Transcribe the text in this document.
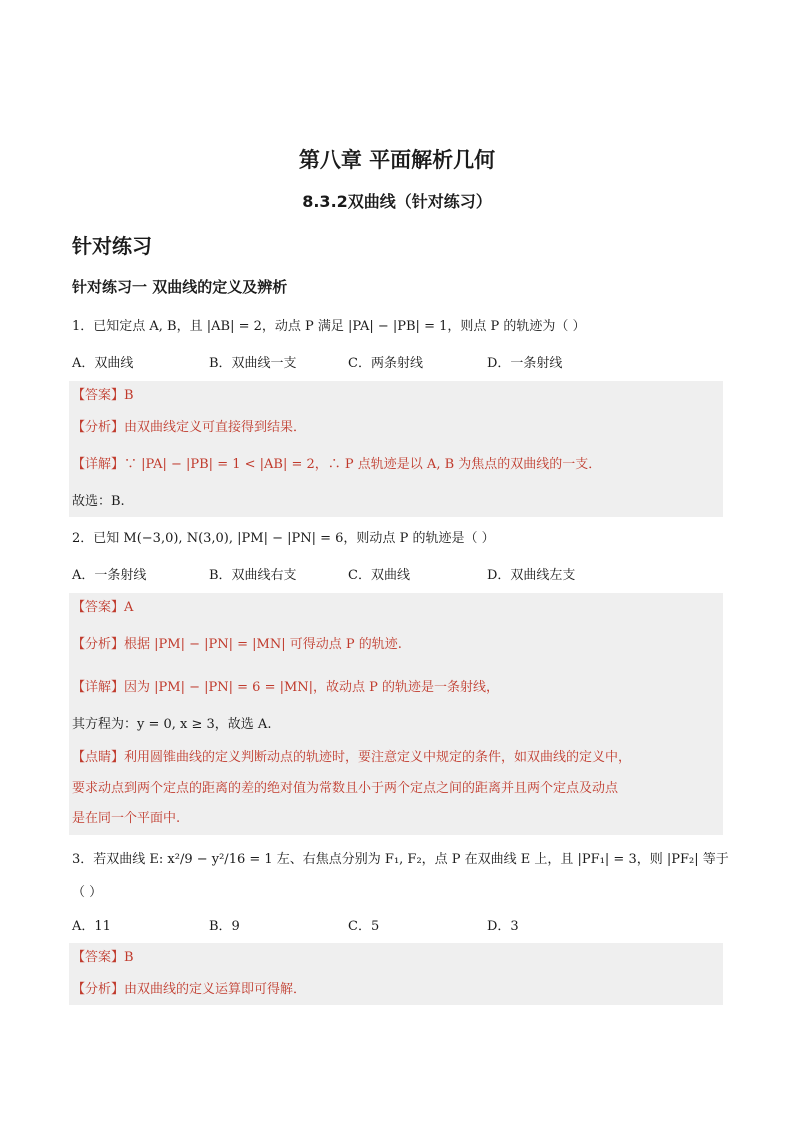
第八章 平面解析几何
8.3.2双曲线（针对练习）
针对练习
针对练习一 双曲线的定义及辨析
1．已知定点 A, B，且 |AB| = 2，动点 P 满足 |PA| − |PB| = 1，则点 P 的轨迹为（ ）
A．双曲线	B．双曲线一支	C．两条射线	D．一条射线
【答案】B
【分析】由双曲线定义可直接得到结果．
【详解】∵ |PA| − |PB| = 1 < |AB| = 2，∴ P 点轨迹是以 A, B 为焦点的双曲线的一支．
故选：B.
2．已知 M(−3,0), N(3,0), |PM| − |PN| = 6，则动点 P 的轨迹是（ ）
A．一条射线	B．双曲线右支	C．双曲线	D．双曲线左支
【答案】A
【分析】根据 |PM| − |PN| = |MN| 可得动点 P 的轨迹.
【详解】因为 |PM| − |PN| = 6 = |MN|，故动点 P 的轨迹是一条射线，
其方程为：y = 0, x ≥ 3，故选 A.
【点睛】利用圆锥曲线的定义判断动点的轨迹时，要注意定义中规定的条件，如双曲线的定义中，
要求动点到两个定点的距离的差的绝对值为常数且小于两个定点之间的距离并且两个定点及动点
是在同一个平面中.
3．若双曲线 E: x²/9 − y²/16 = 1 左、右焦点分别为 F₁, F₂，点 P 在双曲线 E 上，且 |PF₁| = 3，则 |PF₂| 等于
（ ）
A．11	B．9	C．5	D．3
【答案】B
【分析】由双曲线的定义运算即可得解．
